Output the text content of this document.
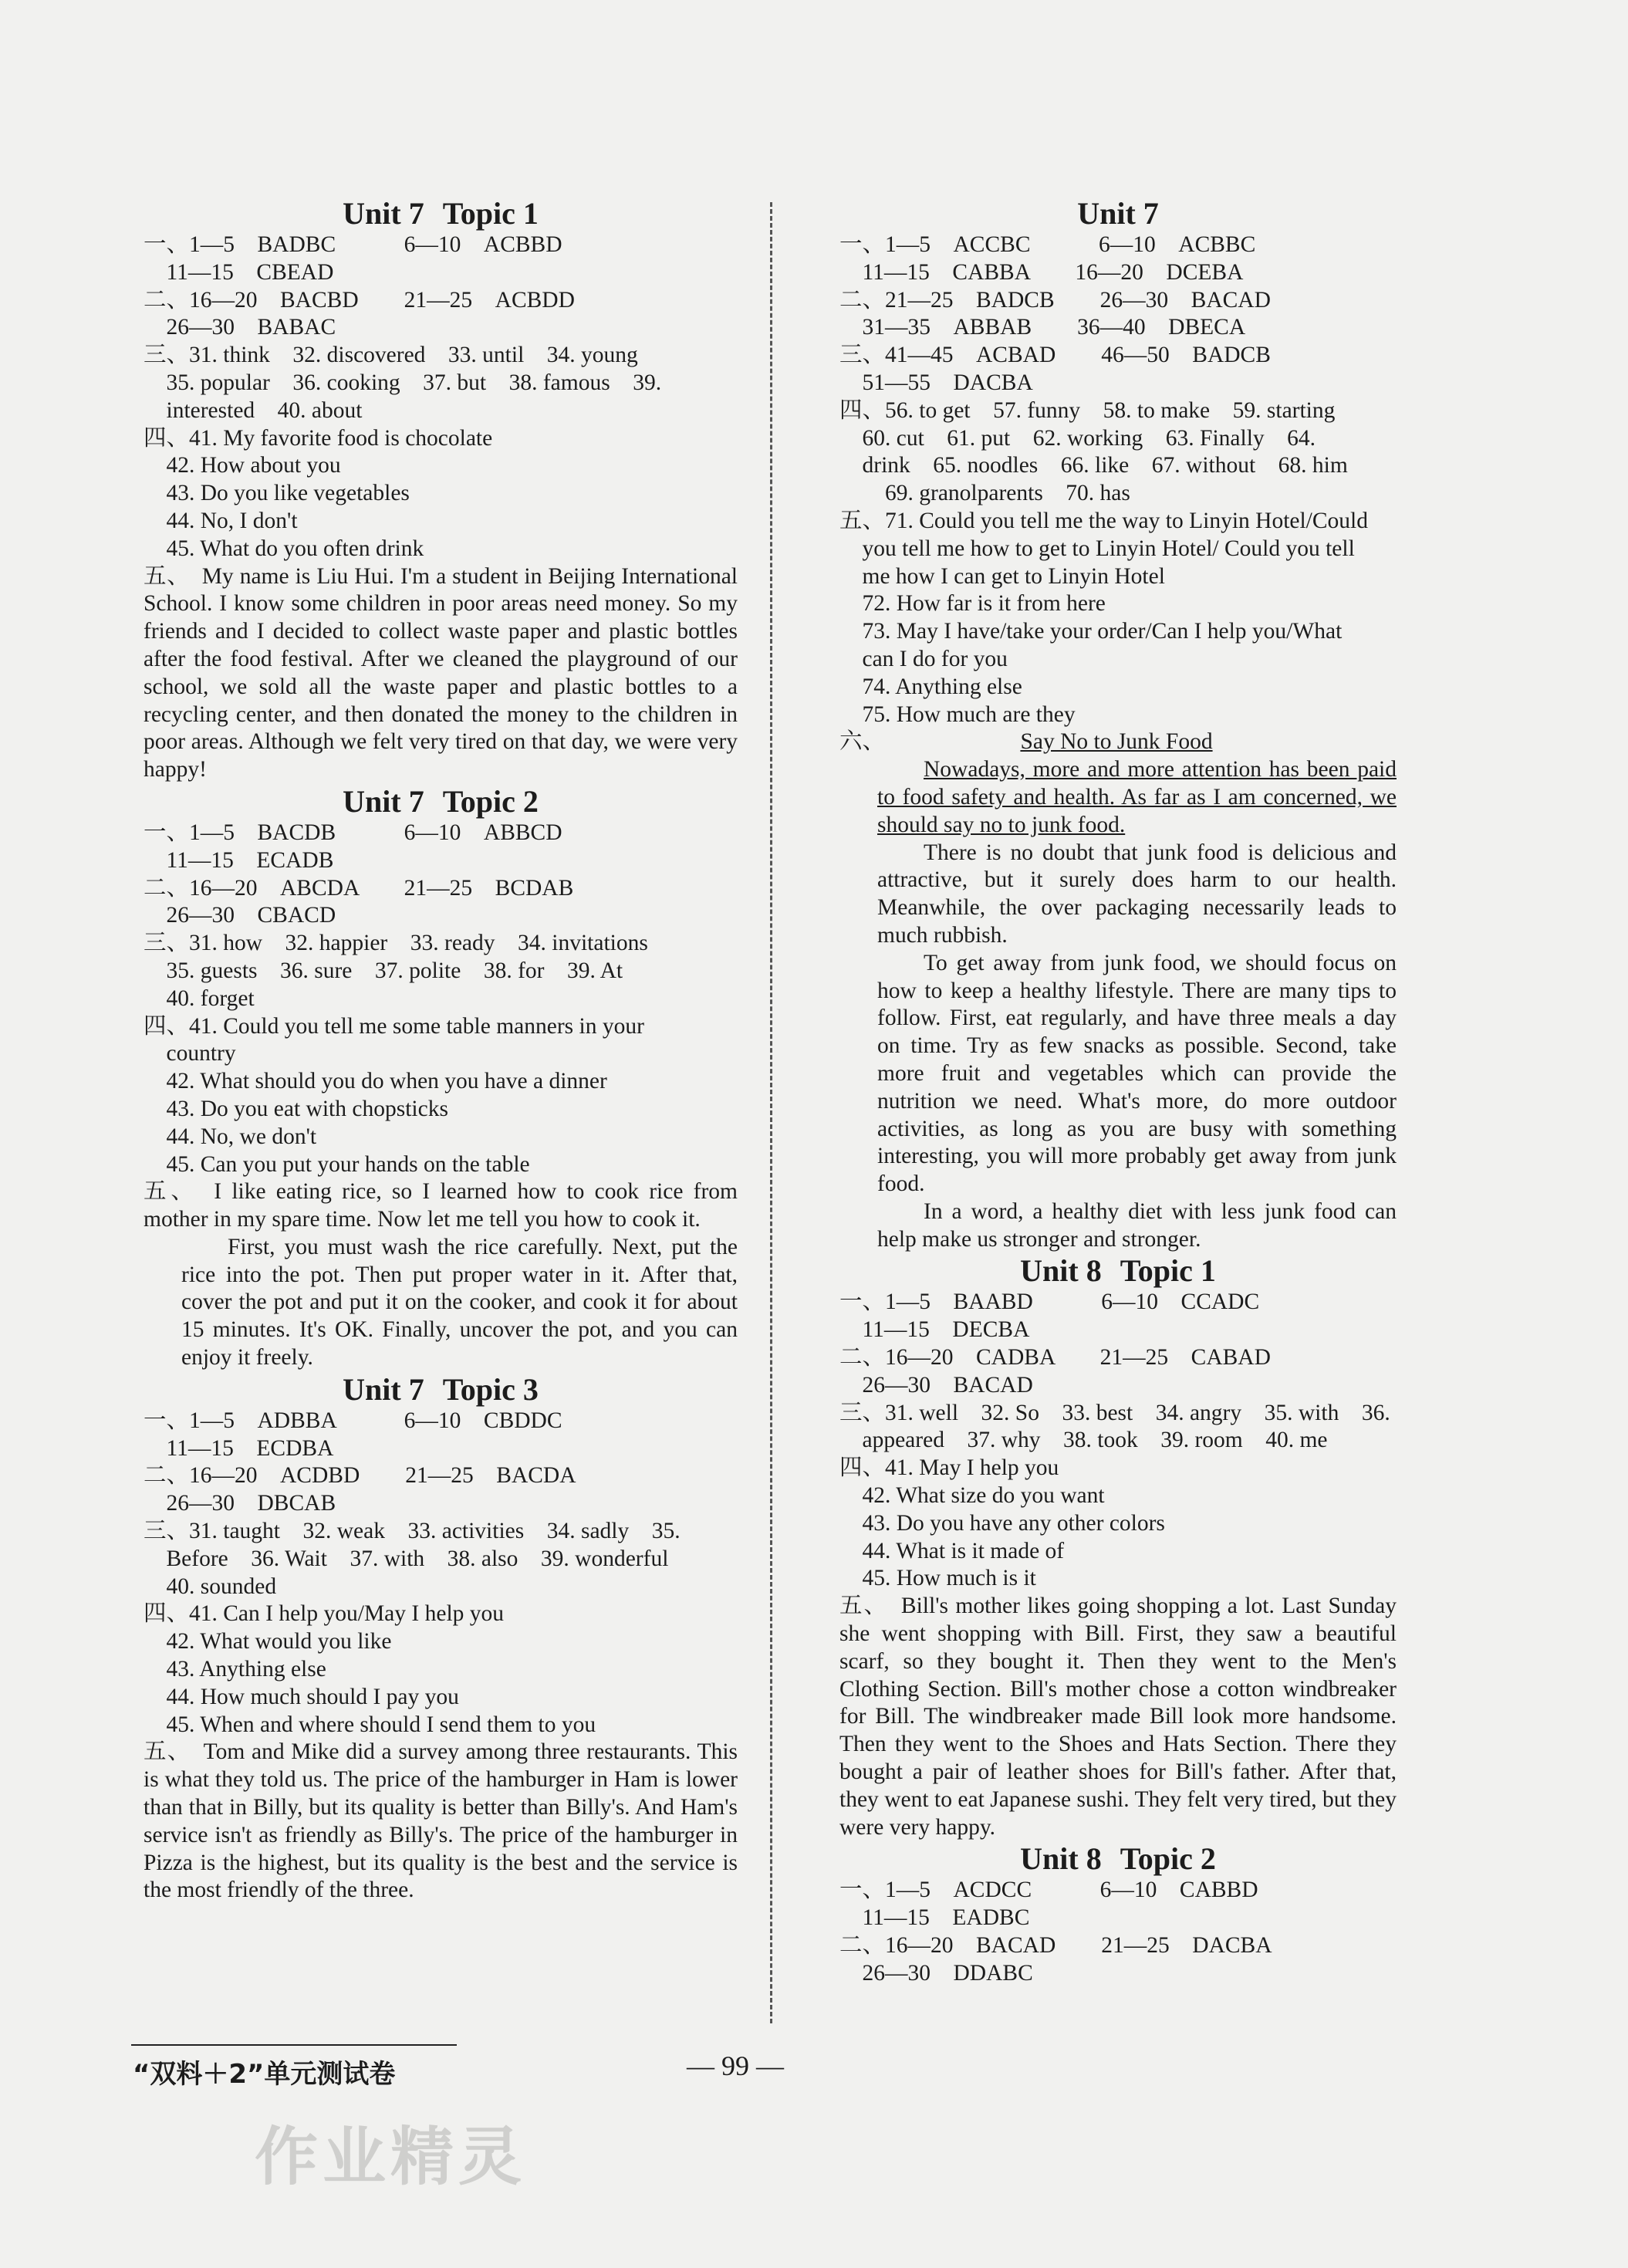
Unit 7 Topic 1
一、1—5　BADBC　　　6—10　ACBBD
　11—15　CBEAD
二、16—20　BACBD　　21—25　ACBDD
　26—30　BABAC
三、31. think　32. discovered　33. until　34. young
　35. popular　36. cooking　37. but　38. famous　39.
　interested　40. about
四、41. My favorite food is chocolate
　42. How about you
　43. Do you like vegetables
　44. No, I don't
　45. What do you often drink

五、　My name is Liu Hui. I'm a student in Beijing International School. I know some children in poor areas need money. So my friends and I decided to collect waste paper and plastic bottles after the food festival. After we cleaned the playground of our school, we sold all the waste paper and plastic bottles to a recycling center, and then donated the money to the children in poor areas. Although we felt very tired on that day, we were very happy!

Unit 7 Topic 2
一、1—5　BACDB　　　6—10　ABBCD
　11—15　ECADB
二、16—20　ABCDA　　21—25　BCDAB
　26—30　CBACD
三、31. how　32. happier　33. ready　34. invitations
　35. guests　36. sure　37. polite　38. for　39. At
　40. forget
四、41. Could you tell me some table manners in your
　country
　42. What should you do when you have a dinner
　43. Do you eat with chopsticks
　44. No, we don't
　45. Can you put your hands on the table

五、　I like eating rice, so I learned how to cook rice from mother in my spare time. Now let me tell you how to cook it.

First, you must wash the rice carefully. Next, put the rice into the pot. Then put proper water in it. After that, cover the pot and put it on the cooker, and cook it for about 15 minutes. It's OK. Finally, uncover the pot, and you can enjoy it freely.

Unit 7 Topic 3
一、1—5　ADBBA　　　6—10　CBDDC
　11—15　ECDBA
二、16—20　ACDBD　　21—25　BACDA
　26—30　DBCAB
三、31. taught　32. weak　33. activities　34. sadly　35.
　Before　36. Wait　37. with　38. also　39. wonderful
　40. sounded
四、41. Can I help you/May I help you
　42. What would you like
　43. Anything else
　44. How much should I pay you
　45. When and where should I send them to you

五、　Tom and Mike did a survey among three restaurants. This is what they told us. The price of the hamburger in Ham is lower than that in Billy, but its quality is better than Billy's. And Ham's service isn't as friendly as Billy's. The price of the hamburger in Pizza is the highest, but its quality is the best and the service is the most friendly of the three.

Unit 7
一、1—5　ACCBC　　　6—10　ACBBC
　11—15　CABBA　　16—20　DCEBA
二、21—25　BADCB　　26—30　BACAD
　31—35　ABBAB　　36—40　DBECA
三、41—45　ACBAD　　46—50　BADCB
　51—55　DACBA
四、56. to get　57. funny　58. to make　59. starting
　60. cut　61. put　62. working　63. Finally　64.
　drink　65. noodles　66. like　67. without　68. him
　　69. granolparents　70. has
五、71. Could you tell me the way to Linyin Hotel/Could
　you tell me how to get to Linyin Hotel/ Could you tell
　me how I can get to Linyin Hotel
　72. How far is it from here
　73. May I have/take your order/Can I help you/What
　can I do for you
　74. Anything else
　75. How much are they
六、	Say No to Junk Food

Nowadays, more and more attention has been paid to food safety and health. As far as I am concerned, we should say no to junk food.

There is no doubt that junk food is delicious and attractive, but it surely does harm to our health. Meanwhile, the over packaging necessarily leads to much rubbish.

To get away from junk food, we should focus on how to keep a healthy lifestyle. There are many tips to follow. First, eat regularly, and have three meals a day on time. Try as few snacks as possible. Second, take more fruit and vegetables which can provide the nutrition we need. What's more, do more outdoor activities, as long as you are busy with something interesting, you will more probably get away from junk food.

In a word, a healthy diet with less junk food can help make us stronger and stronger.

Unit 8 Topic 1
一、1—5　BAABD　　　6—10　CCADC
　11—15　DECBA
二、16—20　CADBA　　21—25　CABAD
　26—30　BACAD
三、31. well　32. So　33. best　34. angry　35. with　36.
　appeared　37. why　38. took　39. room　40. me
四、41. May I help you
　42. What size do you want
　43. Do you have any other colors
　44. What is it made of
　45. How much is it

五、　Bill's mother likes going shopping a lot. Last Sunday she went shopping with Bill. First, they saw a beautiful scarf, so they bought it. Then they went to the Men's Clothing Section. Bill's mother chose a cotton windbreaker for Bill. The windbreaker made Bill look more handsome. Then they went to the Shoes and Hats Section. There they bought a pair of leather shoes for Bill's father. After that, they went to eat Japanese sushi. They felt very tired, but they were very happy.

Unit 8 Topic 2
一、1—5　ACDCC　　　6—10　CABBD
　11—15　EADBC
二、16—20　BACAD　　21—25　DACBA
　26—30　DDABC
“双料＋2”单元测试卷	— 99 —
作业精灵
